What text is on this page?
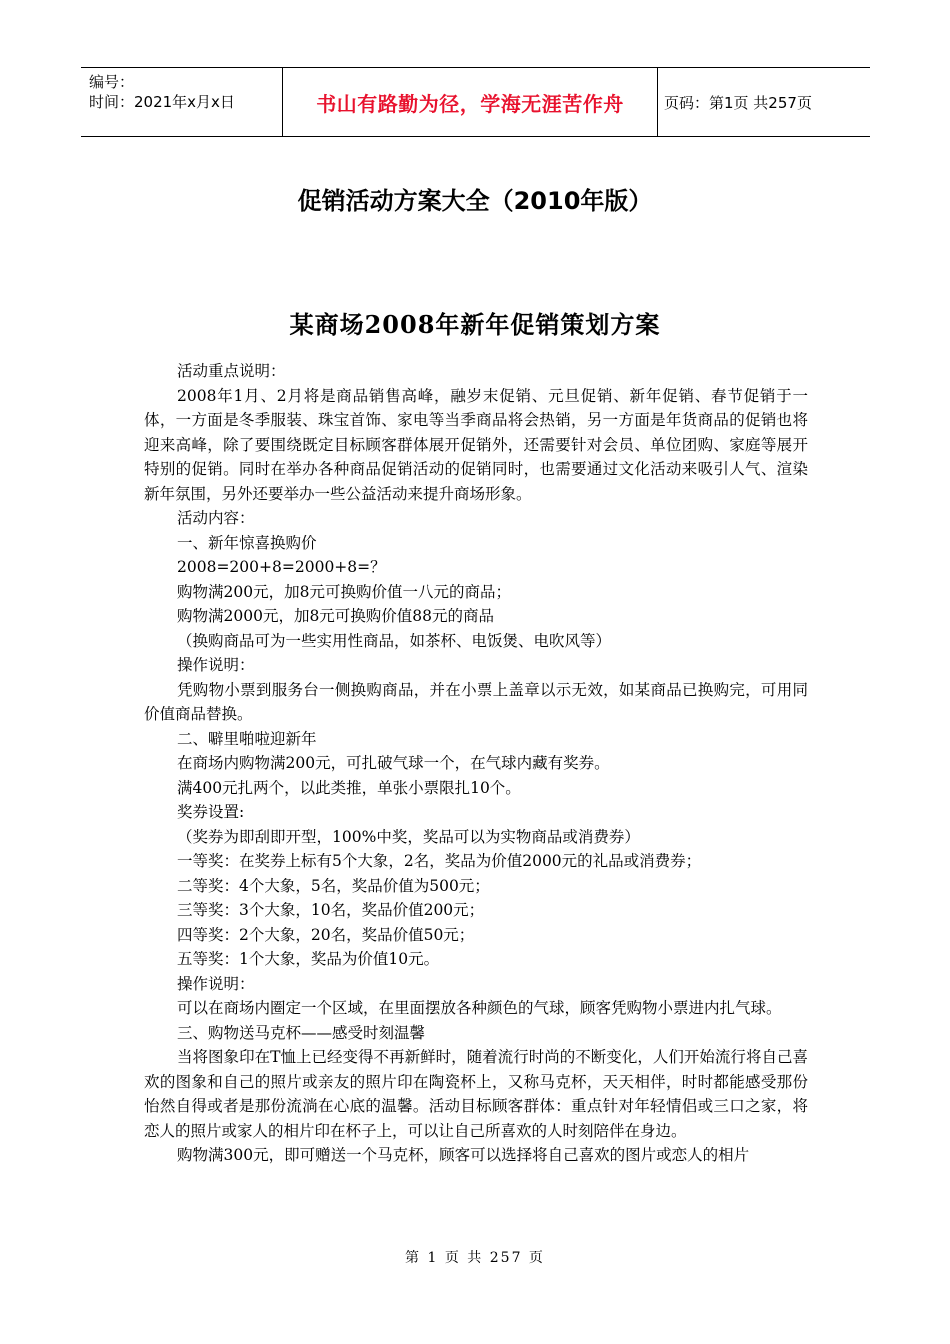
编号：
时间：2021年x月x日	书山有路勤为径，学海无涯苦作舟	页码：第1页 共257页
促销活动方案大全（2010年版）
某商场2008年新年促销策划方案

活动重点说明：

2008年1月、2月将是商品销售高峰，融岁末促销、元旦促销、新年促销、春节促销于一体，一方面是冬季服装、珠宝首饰、家电等当季商品将会热销，另一方面是年货商品的促销也将迎来高峰，除了要围绕既定目标顾客群体展开促销外，还需要针对会员、单位团购、家庭等展开特别的促销。同时在举办各种商品促销活动的促销同时，也需要通过文化活动来吸引人气、渲染新年氛围，另外还要举办一些公益活动来提升商场形象。

活动内容：

一、新年惊喜换购价

2008=200+8=2000+8=？

购物满200元，加8元可换购价值一八元的商品；

购物满2000元，加8元可换购价值88元的商品

（换购商品可为一些实用性商品，如茶杯、电饭煲、电吹风等）

操作说明：

凭购物小票到服务台一侧换购商品，并在小票上盖章以示无效，如某商品已换购完，可用同价值商品替换。

二、噼里啪啦迎新年

在商场内购物满200元，可扎破气球一个，在气球内藏有奖券。

满400元扎两个，以此类推，单张小票限扎10个。

奖券设置:

（奖券为即刮即开型，100%中奖，奖品可以为实物商品或消费券）

一等奖：在奖券上标有5个大象，2名，奖品为价值2000元的礼品或消费券；

二等奖：4个大象，5名，奖品价值为500元；

三等奖：3个大象，10名，奖品价值200元；

四等奖：2个大象，20名，奖品价值50元；

五等奖：1个大象，奖品为价值10元。

操作说明：

可以在商场内圈定一个区域，在里面摆放各种颜色的气球，顾客凭购物小票进内扎气球。

三、购物送马克杯——感受时刻温馨

当将图象印在T恤上已经变得不再新鲜时，随着流行时尚的不断变化，人们开始流行将自己喜欢的图象和自己的照片或亲友的照片印在陶瓷杯上，又称马克杯，天天相伴，时时都能感受那份怡然自得或者是那份流淌在心底的温馨。活动目标顾客群体：重点针对年轻情侣或三口之家，将恋人的照片或家人的相片印在杯子上，可以让自己所喜欢的人时刻陪伴在身边。

购物满300元，即可赠送一个马克杯，顾客可以选择将自己喜欢的图片或恋人的相片

第 1 页 共 257 页
